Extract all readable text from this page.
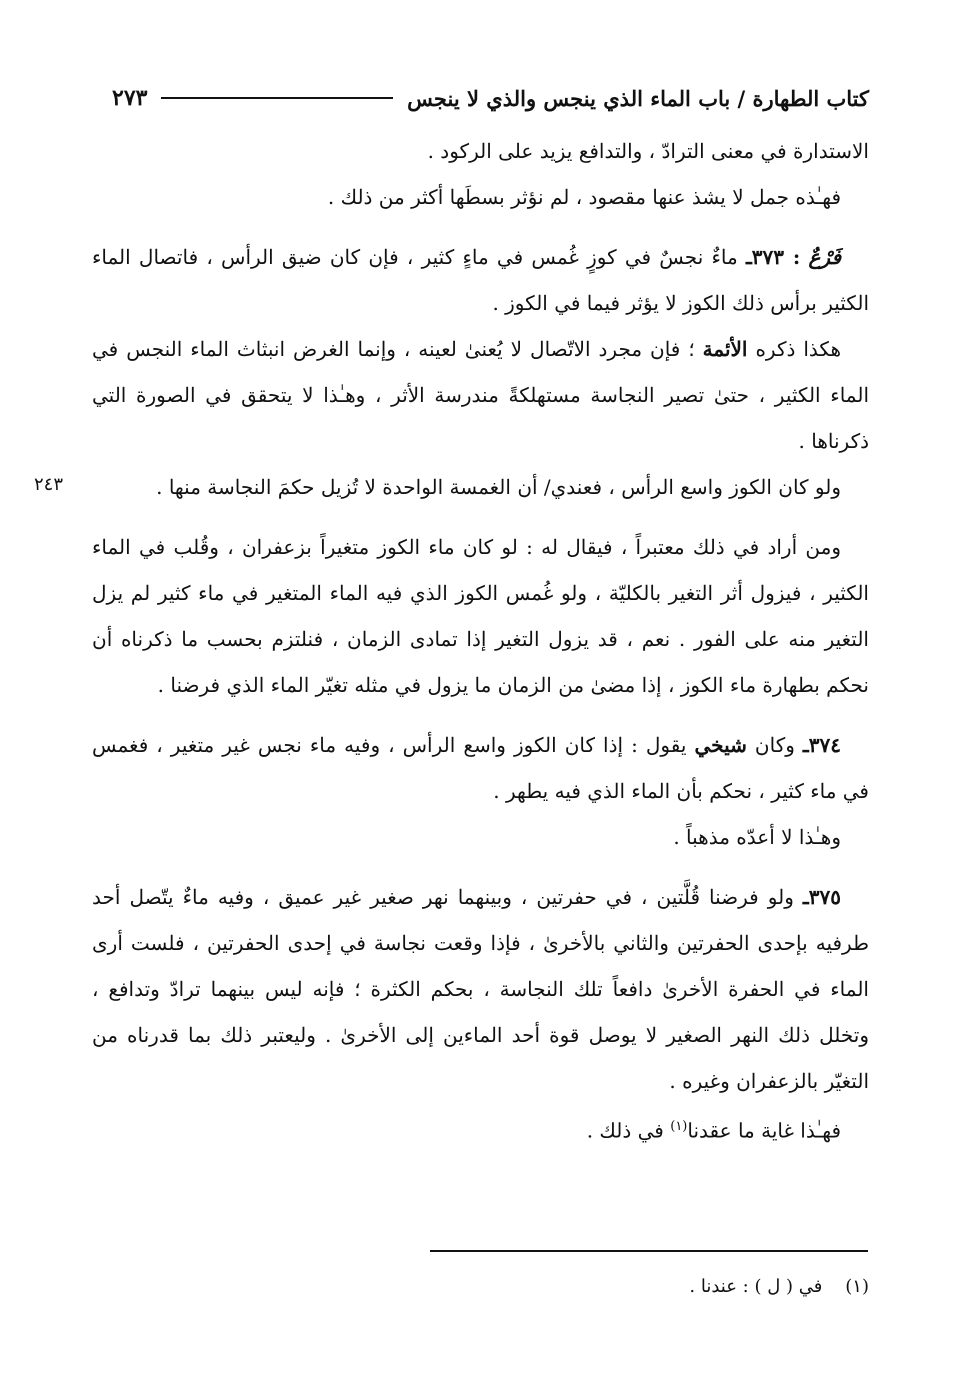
كتاب الطهارة / باب الماء الذي ينجس والذي لا ينجس
٢٧٣

الاستدارة في معنى الترادّ ، والتدافع يزيد على الركود .

فهـٰذه جمل لا يشذ عنها مقصود ، لم نؤثر بسطَها أكثر من ذلك .

فَرْعٌ : ٣٧٣ـ ماءٌ نجسٌ في كوزٍ غُمس في ماءٍ كثير ، فإن كان ضيق الرأس ، فاتصال الماء الكثير برأس ذلك الكوز لا يؤثر فيما في الكوز .

هكذا ذكره الأئمة ؛ فإن مجرد الاتّصال لا يُعنىٰ لعينه ، وإنما الغرض انبثاث الماء النجس في الماء الكثير ، حتىٰ تصير النجاسة مستهلكةً مندرسة الأثر ، وهـٰذا لا يتحقق في الصورة التي ذكرناها .

ولو كان الكوز واسع الرأس ، فعندي/ أن الغمسة الواحدة لا تُزيل حكمَ النجاسة منها .

ومن أراد في ذلك معتبراً ، فيقال له : لو كان ماء الكوز متغيراً بزعفران ، وقُلب في الماء الكثير ، فيزول أثر التغير بالكليّة ، ولو غُمس الكوز الذي فيه الماء المتغير في ماء كثير لم يزل التغير منه على الفور . نعم ، قد يزول التغير إذا تمادى الزمان ، فنلتزم بحسب ما ذكرناه أن نحكم بطهارة ماء الكوز ، إذا مضىٰ من الزمان ما يزول في مثله تغيّر الماء الذي فرضنا .

٣٧٤ـ وكان شيخي يقول : إذا كان الكوز واسع الرأس ، وفيه ماء نجس غير متغير ، فغمس في ماء كثير ، نحكم بأن الماء الذي فيه يطهر .

وهـٰذا لا أعدّه مذهباً .

٣٧٥ـ ولو فرضنا قُلَّتين ، في حفرتين ، وبينهما نهر صغير غير عميق ، وفيه ماءٌ يتّصل أحد طرفيه بإحدى الحفرتين والثاني بالأخرىٰ ، فإذا وقعت نجاسة في إحدى الحفرتين ، فلست أرى الماء في الحفرة الأخرىٰ دافعاً تلك النجاسة ، بحكم الكثرة ؛ فإنه ليس بينهما ترادّ وتدافع ، وتخلل ذلك النهر الصغير لا يوصل قوة أحد الماءين إلى الأخرىٰ . وليعتبر ذلك بما قدرناه من التغيّر بالزعفران وغيره .

فهـٰذا غاية ما عقدنا$^{(١)}$ في ذلك .

٢٤٣
(١)    في ( ل ) : عندنا .
